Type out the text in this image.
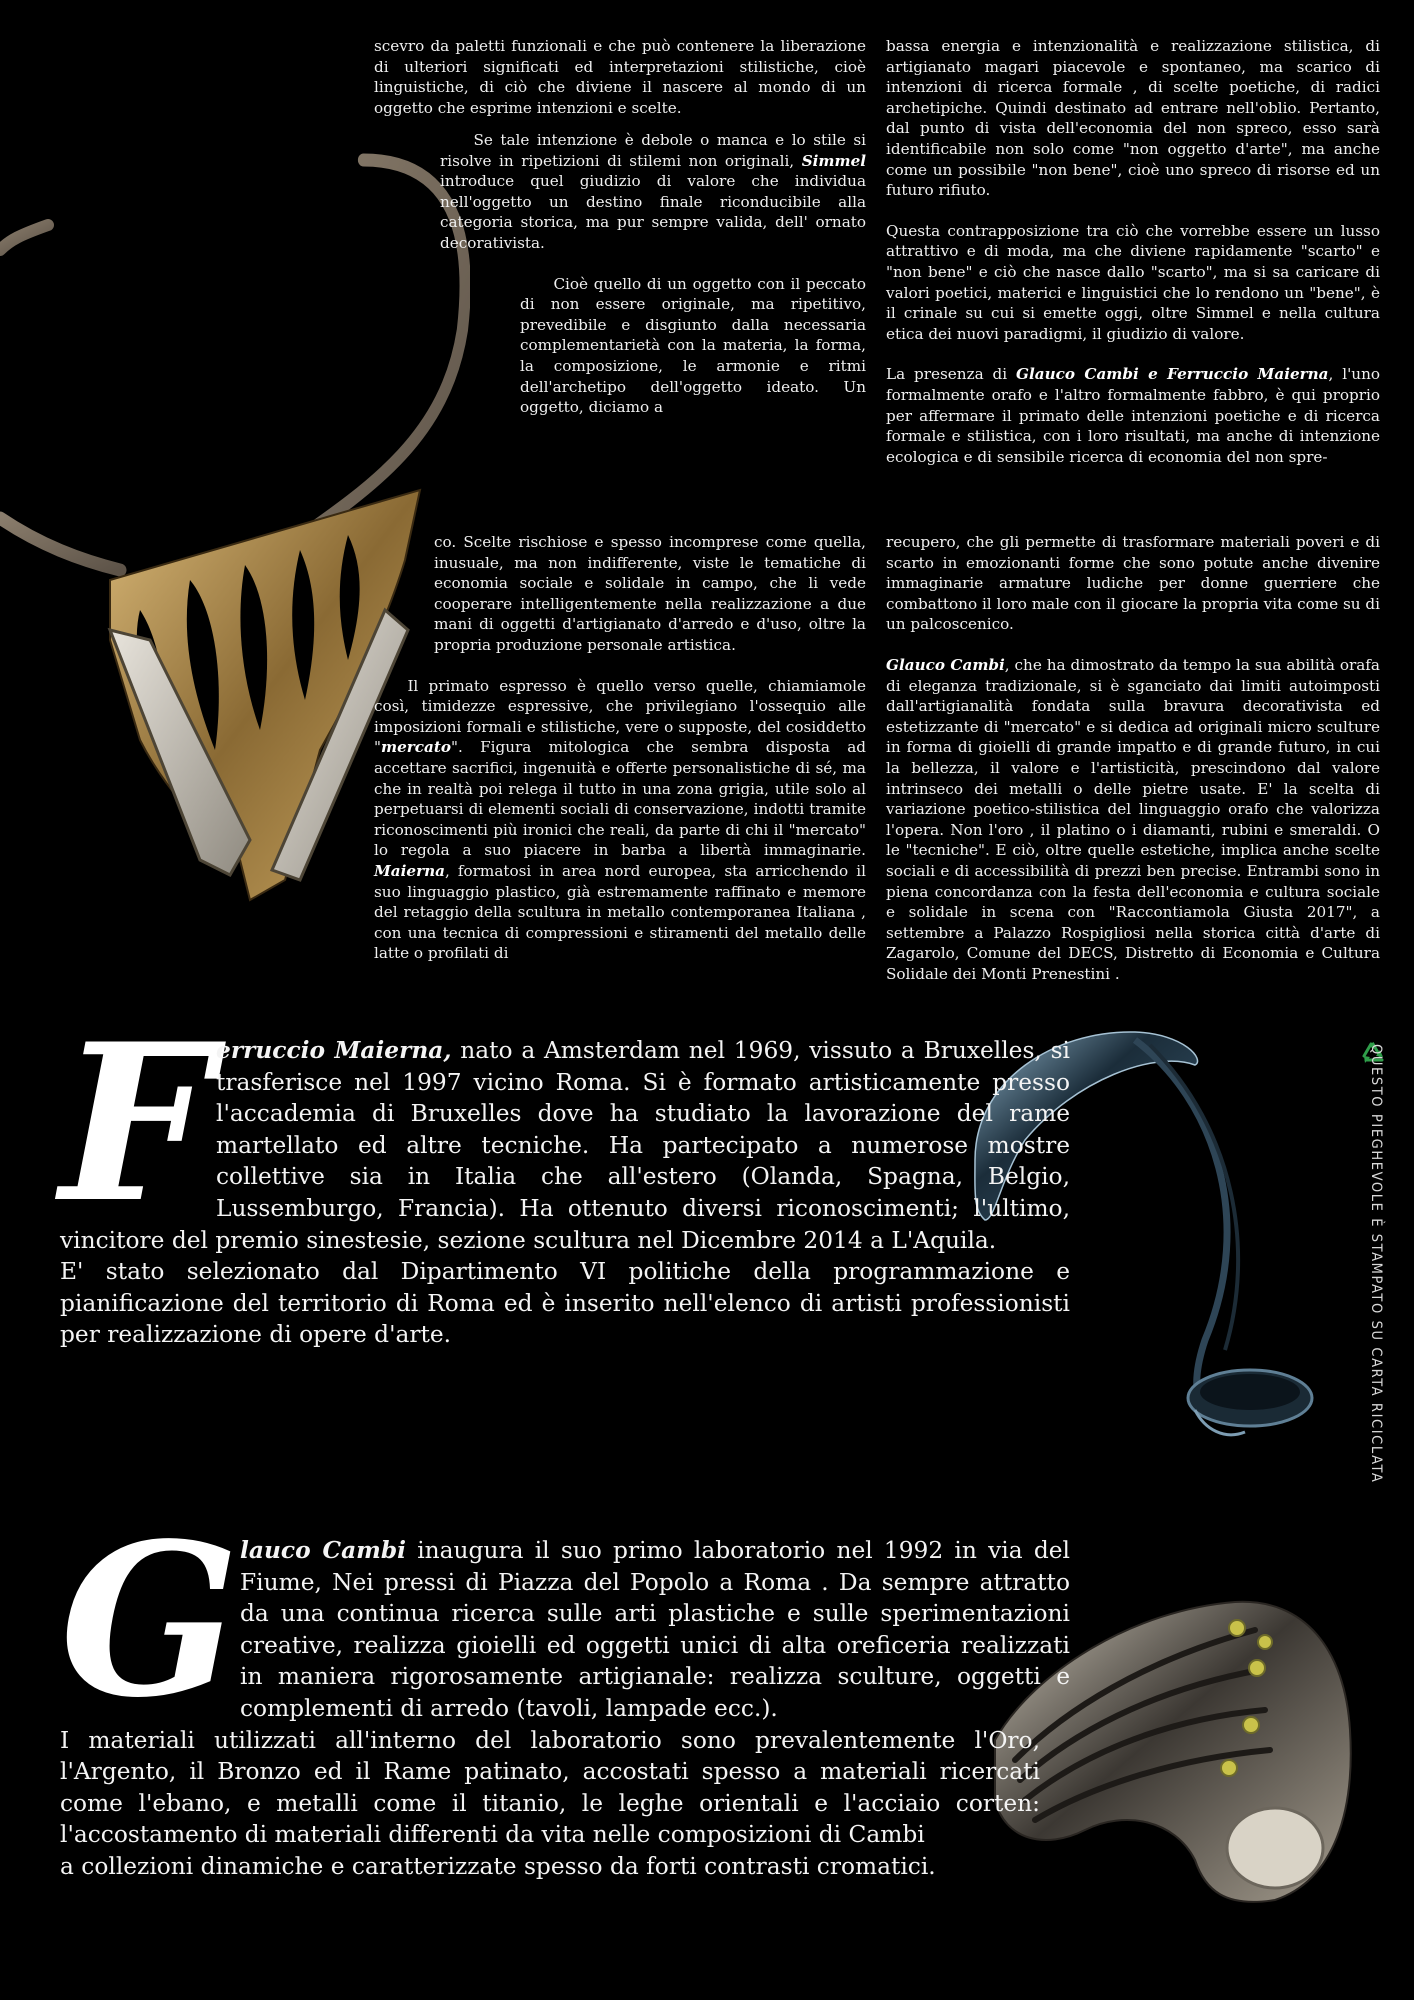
scevro da paletti funzionali e che può contenere la liberazione di ulteriori significati ed interpretazioni stilistiche, cioè linguistiche, di ciò che diviene il nascere al mondo di un oggetto che esprime intenzioni e scelte.

Se tale intenzione è debole o manca e lo stile si risolve in ripetizioni di stilemi non originali, Simmel introduce quel giudizio di valore che individua nell'oggetto un destino finale riconducibile alla categoria storica, ma pur sempre valida, dell' ornato decorativista.

Cioè quello di un oggetto con il peccato di non essere originale, ma ripetitivo, prevedibile e disgiunto dalla necessaria complementarietà con la materia, la forma, la composizione, le armonie e ritmi dell'archetipo dell'oggetto ideato. Un oggetto, diciamo a

bassa energia e intenzionalità e realizzazione stilistica, di artigianato magari piacevole e spontaneo, ma scarico di intenzioni di ricerca formale , di scelte poetiche, di radici archetipiche. Quindi destinato ad entrare nell'oblio. Pertanto, dal punto di vista dell'economia del non spreco, esso sarà identificabile non solo come "non oggetto d'arte", ma anche come un possibile "non bene", cioè uno spreco di risorse ed un futuro rifiuto.

Questa contrapposizione tra ciò che vorrebbe essere un lusso attrattivo e di moda, ma che diviene rapidamente "scarto" e "non bene" e ciò che nasce dallo "scarto", ma si sa caricare di valori poetici, materici e linguistici che lo rendono un "bene", è il crinale su cui si emette oggi, oltre Simmel e nella cultura etica dei nuovi paradigmi, il giudizio di valore.

La presenza di Glauco Cambi e Ferruccio Maierna, l'uno formalmente orafo e l'altro formalmente fabbro, è qui proprio per affermare il primato delle intenzioni poetiche e di ricerca formale e stilistica, con i loro risultati, ma anche di intenzione ecologica e di sensibile ricerca di economia del non spre-

co. Scelte rischiose e spesso incomprese come quella, inusuale, ma non indifferente, viste le tematiche di economia sociale e solidale in campo, che li vede cooperare intelligentemente nella realizzazione a due mani di oggetti d'artigianato d'arredo e d'uso, oltre la propria produzione personale artistica.

Il primato espresso è quello verso quelle, chiamiamole così, timidezze espressive, che privilegiano l'ossequio alle imposizioni formali e stilistiche, vere o supposte, del cosiddetto "mercato". Figura mitologica che sembra disposta ad accettare sacrifici, ingenuità e offerte personalistiche di sé, ma che in realtà poi relega il tutto in una zona grigia, utile solo al perpetuarsi di elementi sociali di conservazione, indotti tramite riconoscimenti più ironici che reali, da parte di chi il "mercato" lo regola a suo piacere in barba a libertà immaginarie. Maierna, formatosi in area nord europea, sta arricchendo il suo linguaggio plastico, già estremamente raffinato e memore del retaggio della scultura in metallo contemporanea Italiana , con una tecnica di compressioni e stiramenti del metallo delle latte o profilati di

recupero, che gli permette di trasformare materiali poveri e di scarto in emozionanti forme che sono potute anche divenire immaginarie armature ludiche per donne guerriere che combattono il loro male con il giocare la propria vita come su di un palcoscenico.

Glauco Cambi, che ha dimostrato da tempo la sua abilità orafa di eleganza tradizionale, si è sganciato dai limiti autoimposti dall'artigianalità fondata sulla bravura decorativista ed estetizzante di "mercato" e si dedica ad originali micro sculture in forma di gioielli di grande impatto e di grande futuro, in cui la bellezza, il valore e l'artisticità, prescindono dal valore intrinseco dei metalli o delle pietre usate. E' la scelta di variazione poetico-stilistica del linguaggio orafo che valorizza l'opera. Non l'oro , il platino o i diamanti, rubini e smeraldi. O le "tecniche". E ciò, oltre quelle estetiche, implica anche scelte sociali e di accessibilità di prezzi ben precise. Entrambi sono in piena concordanza con la festa dell'economia e cultura sociale e solidale in scena con "Raccontiamola Giusta 2017", a settembre a Palazzo Rospigliosi nella storica città d'arte di Zagarolo, Comune del DECS, Distretto di Economia e Cultura Solidale dei Monti Prenestini .

QUESTO PIEGHEVOLE È STAMPATO SU CARTA RICICLATA

Ferruccio Maierna, nato a Amsterdam nel 1969, vissuto a Bruxelles, si trasferisce nel 1997 vicino Roma. Si è formato artisticamente presso l'accademia di Bruxelles dove ha studiato la lavorazione del rame martellato ed altre tecniche. Ha partecipato a numerose mostre collettive sia in Italia che all'estero (Olanda, Spagna, Belgio, Lussemburgo, Francia). Ha ottenuto diversi riconoscimenti; l'ultimo, vincitore del premio sinestesie, sezione scultura nel Dicembre 2014 a L'Aquila.

E' stato selezionato dal Dipartimento VI politiche della programmazione e pianificazione del territorio di Roma ed è inserito nell'elenco di artisti professionisti per realizzazione di opere d'arte.

Glauco Cambi inaugura il suo primo laboratorio nel 1992 in via del Fiume, Nei pressi di Piazza del Popolo a Roma . Da sempre attratto da una continua ricerca sulle arti plastiche e sulle sperimentazioni creative, realizza gioielli ed oggetti unici di alta oreficeria realizzati in maniera rigorosamente artigianale: realizza sculture, oggetti e complementi di arredo (tavoli, lampade ecc.).

I materiali utilizzati all'interno del laboratorio sono prevalentemente l'Oro, l'Argento, il Bronzo ed il Rame patinato, accostati spesso a materiali ricercati come l'ebano, e metalli come il titanio, le leghe orientali e l'acciaio corten: l'accostamento di materiali differenti da vita nelle composizioni di Cambi

a collezioni dinamiche e caratterizzate spesso da forti contrasti cromatici.
